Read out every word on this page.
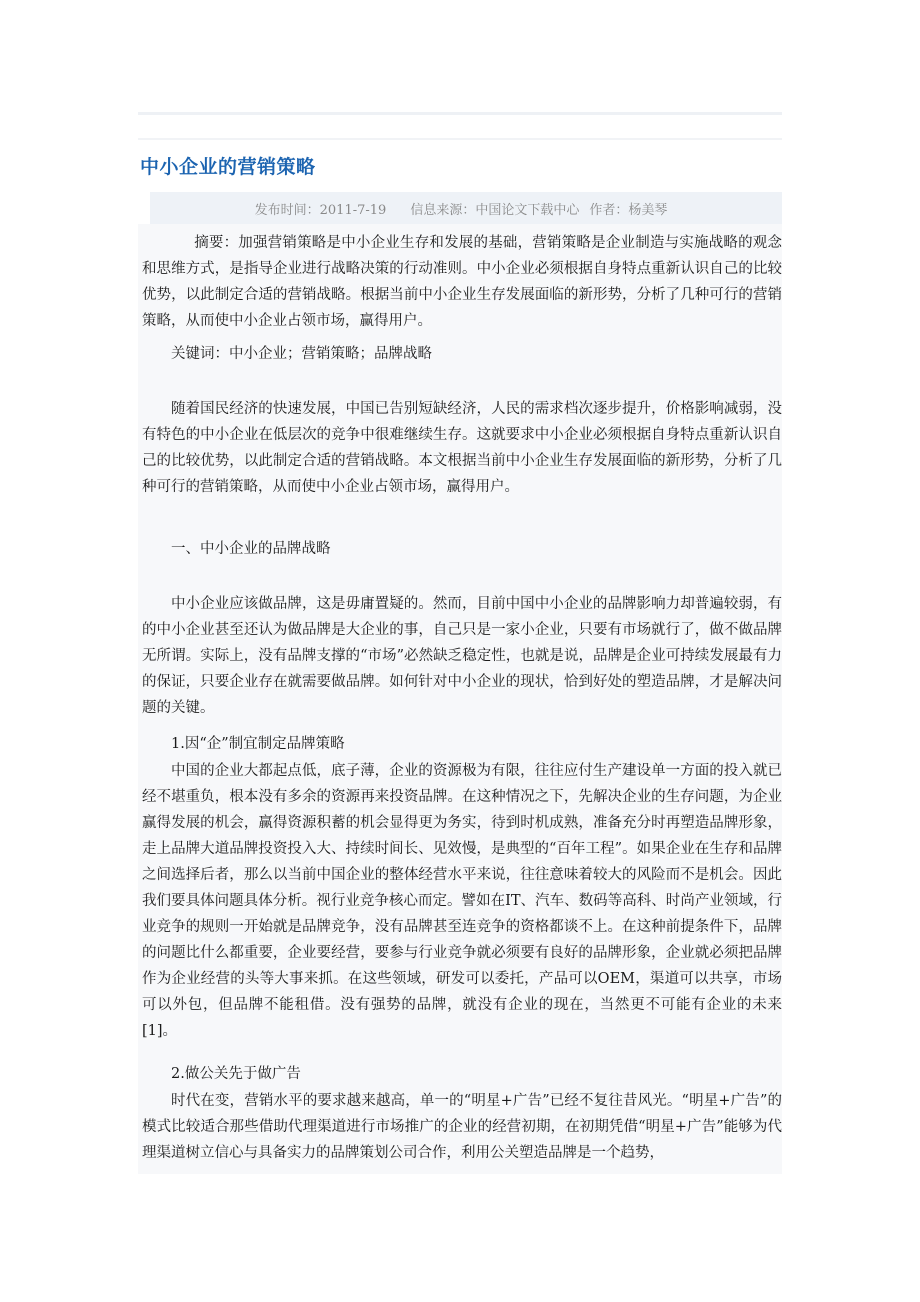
中小企业的营销策略
发布时间：2011-7-19 信息来源：中国论文下载中心 作者：杨美琴
摘要：加强营销策略是中小企业生存和发展的基础，营销策略是企业制造与实施战略的观念和思维方式，是指导企业进行战略决策的行动准则。中小企业必须根据自身特点重新认识自己的比较优势，以此制定合适的营销战略。根据当前中小企业生存发展面临的新形势，分析了几种可行的营销策略，从而使中小企业占领市场，赢得用户。
关键词：中小企业；营销策略；品牌战略
随着国民经济的快速发展，中国已告别短缺经济，人民的需求档次逐步提升，价格影响减弱，没有特色的中小企业在低层次的竞争中很难继续生存。这就要求中小企业必须根据自身特点重新认识自己的比较优势，以此制定合适的营销战略。本文根据当前中小企业生存发展面临的新形势，分析了几种可行的营销策略，从而使中小企业占领市场，赢得用户。
一、中小企业的品牌战略
中小企业应该做品牌，这是毋庸置疑的。然而，目前中国中小企业的品牌影响力却普遍较弱，有的中小企业甚至还认为做品牌是大企业的事，自己只是一家小企业，只要有市场就行了，做不做品牌无所谓。实际上，没有品牌支撑的“市场”必然缺乏稳定性，也就是说，品牌是企业可持续发展最有力的保证，只要企业存在就需要做品牌。如何针对中小企业的现状，恰到好处的塑造品牌，才是解决问题的关键。
1.因“企”制宜制定品牌策略
中国的企业大都起点低，底子薄，企业的资源极为有限，往往应付生产建设单一方面的投入就已经不堪重负，根本没有多余的资源再来投资品牌。在这种情况之下，先解决企业的生存问题，为企业赢得发展的机会，赢得资源积蓄的机会显得更为务实，待到时机成熟，准备充分时再塑造品牌形象，走上品牌大道品牌投资投入大、持续时间长、见效慢，是典型的“百年工程”。如果企业在生存和品牌之间选择后者，那么以当前中国企业的整体经营水平来说，往往意味着较大的风险而不是机会。因此我们要具体问题具体分析。视行业竞争核心而定。譬如在IT、汽车、数码等高科、时尚产业领域，行业竞争的规则一开始就是品牌竞争，没有品牌甚至连竞争的资格都谈不上。在这种前提条件下，品牌的问题比什么都重要，企业要经营，要参与行业竞争就必须要有良好的品牌形象，企业就必须把品牌作为企业经营的头等大事来抓。在这些领域，研发可以委托，产品可以OEM，渠道可以共享，市场可以外包，但品牌不能租借。没有强势的品牌，就没有企业的现在，当然更不可能有企业的未来[1]。
2.做公关先于做广告
时代在变，营销水平的要求越来越高，单一的“明星+广告”已经不复往昔风光。“明星+广告”的模式比较适合那些借助代理渠道进行市场推广的企业的经营初期，在初期凭借“明星+广告”能够为代理渠道树立信心与具备实力的品牌策划公司合作，利用公关塑造品牌是一个趋势，
